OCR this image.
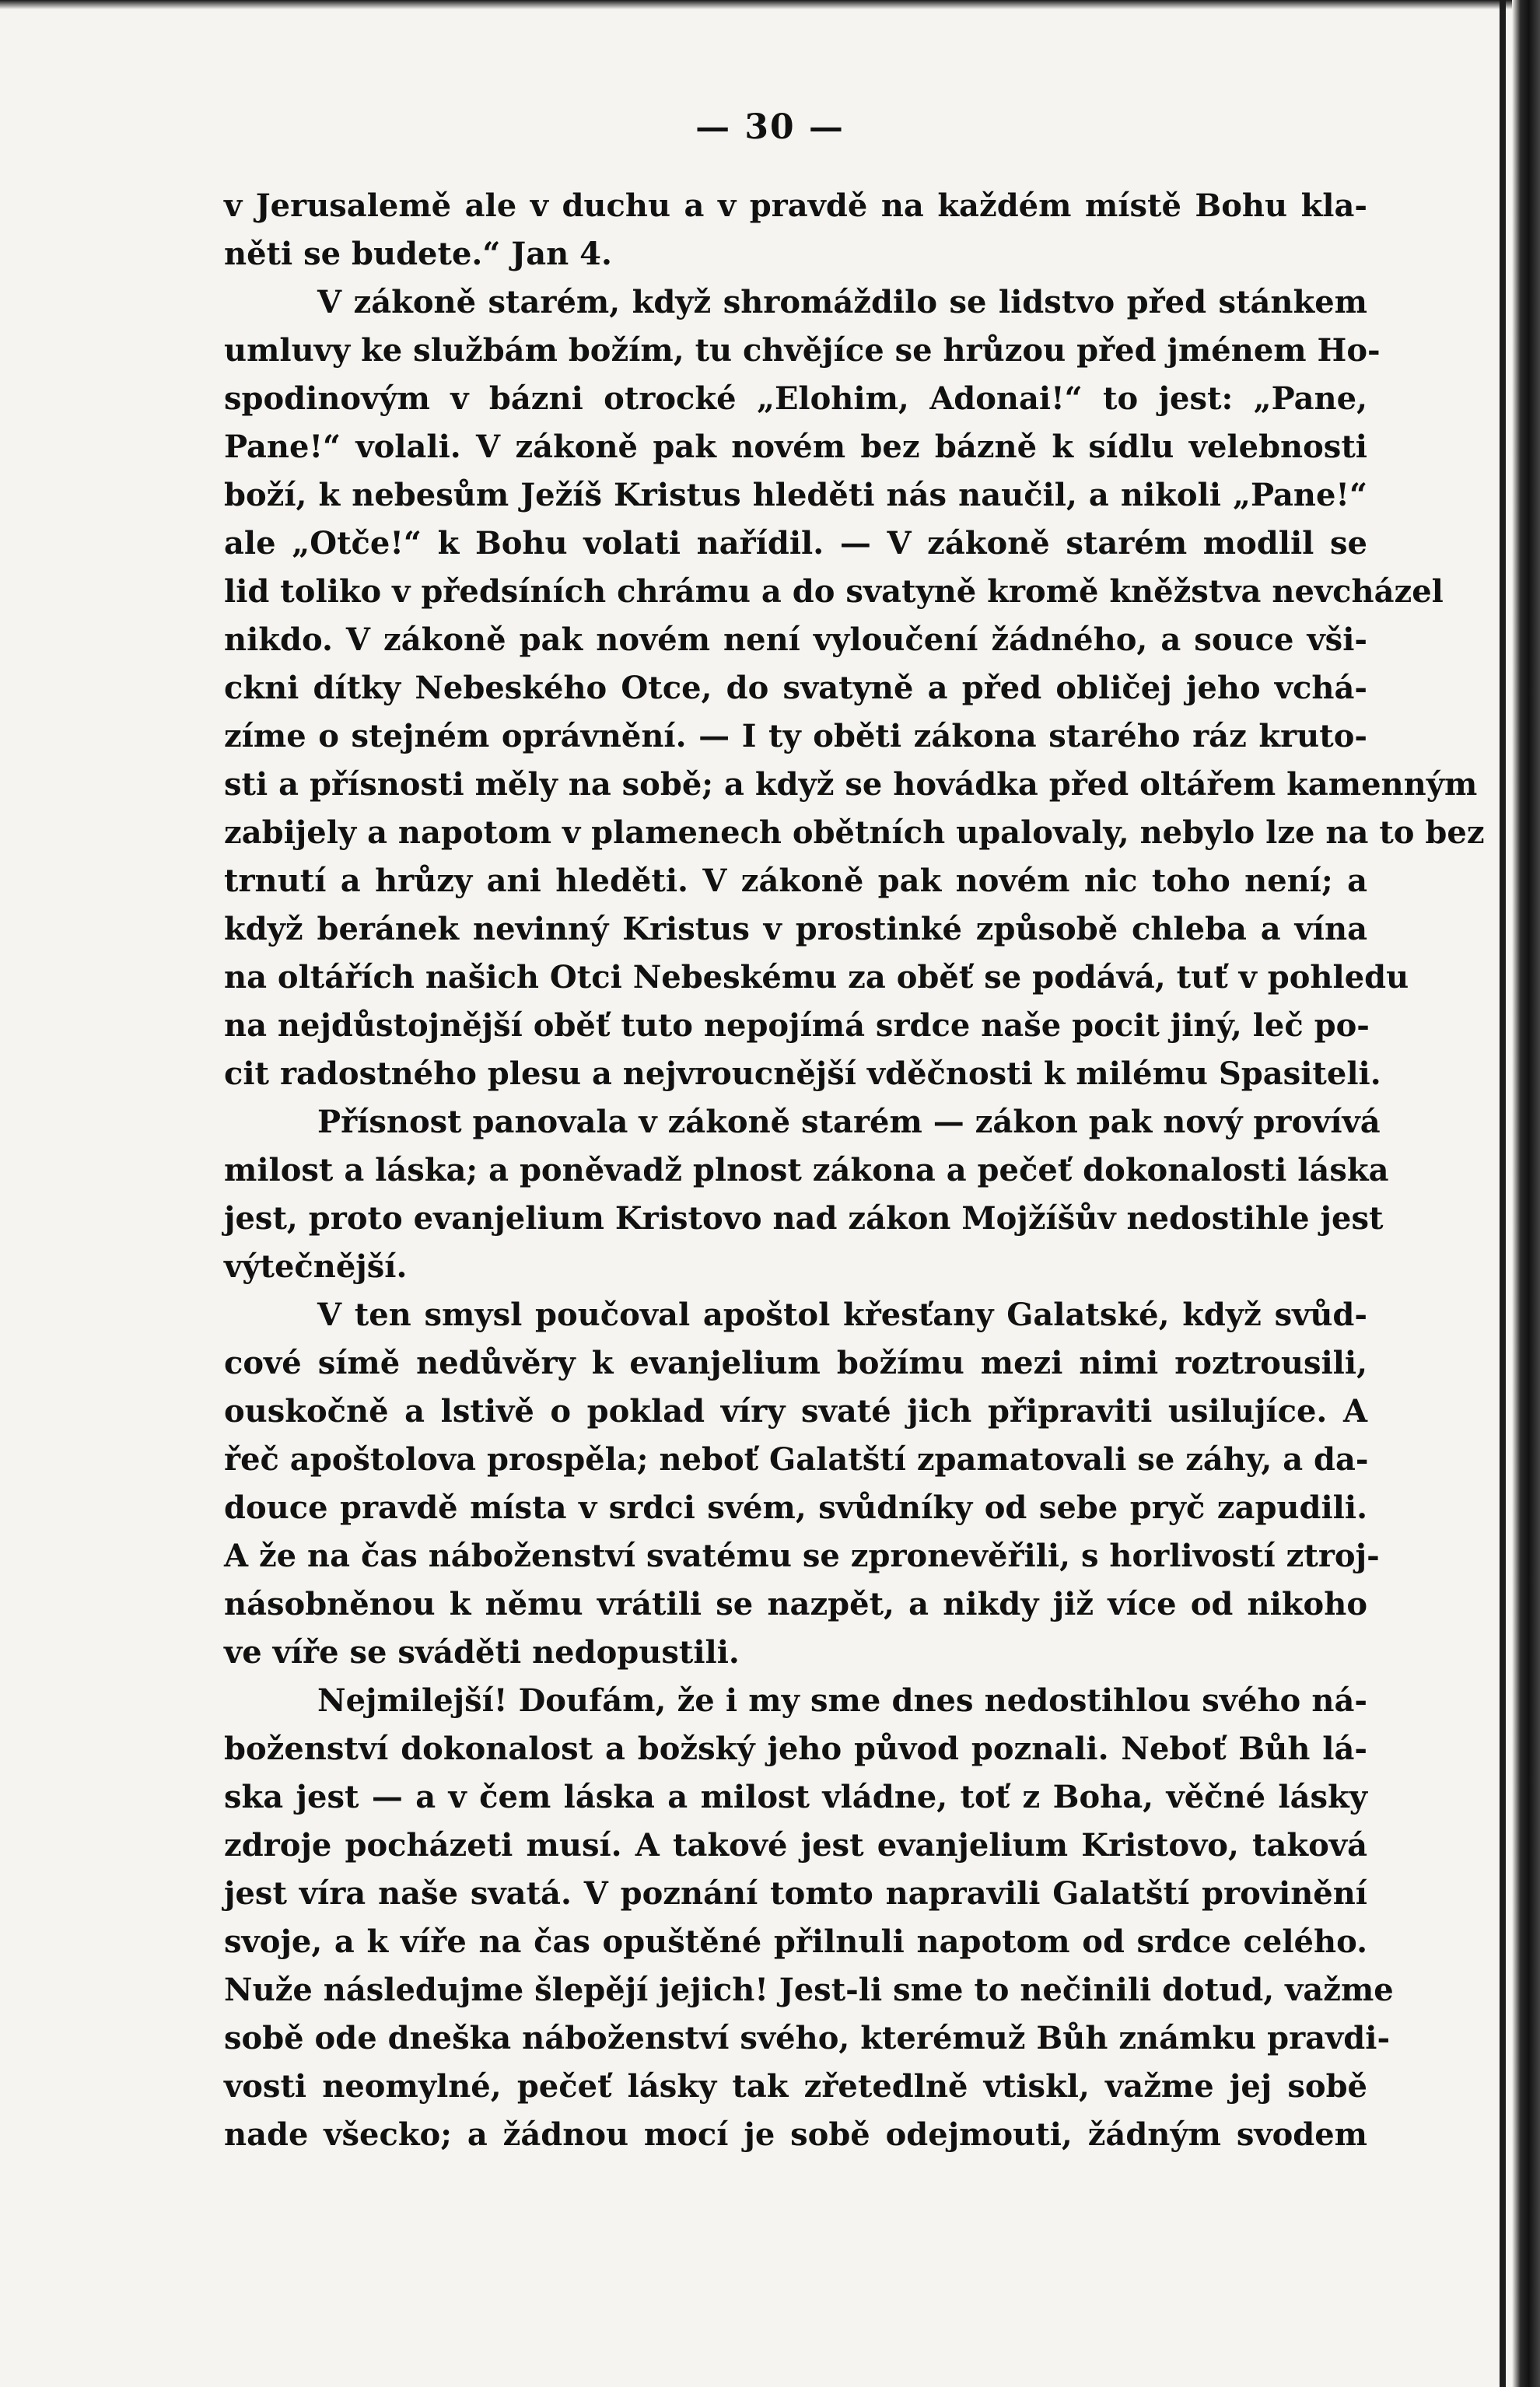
— 30 —
v Jerusalemě ale v duchu a v pravdě na každém místě Bohu kla-
něti se budete.“ Jan 4.
V zákoně starém, když shromáždilo se lidstvo před stánkem
umluvy ke službám božím, tu chvějíce se hrůzou před jménem Ho-
spodinovým v bázni otrocké „Elohim, Adonai!“ to jest: „Pane,
Pane!“ volali. V zákoně pak novém bez bázně k sídlu velebnosti
boží, k nebesům Ježíš Kristus hleděti nás naučil, a nikoli „Pane!“
ale „Otče!“ k Bohu volati nařídil. — V zákoně starém modlil se
lid toliko v předsíních chrámu a do svatyně kromě kněžstva nevcházel
nikdo. V zákoně pak novém není vyloučení žádného, a souce vši-
ckni dítky Nebeského Otce, do svatyně a před obličej jeho vchá-
zíme o stejném oprávnění. — I ty oběti zákona starého ráz kruto-
sti a přísnosti měly na sobě; a když se hovádka před oltářem kamenným
zabijely a napotom v plamenech obětních upalovaly, nebylo lze na to bez
trnutí a hrůzy ani hleděti. V zákoně pak novém nic toho není; a
když beránek nevinný Kristus v prostinké způsobě chleba a vína
na oltářích našich Otci Nebeskému za oběť se podává, tuť v pohledu
na nejdůstojnější oběť tuto nepojímá srdce naše pocit jiný, leč po-
cit radostného plesu a nejvroucnější vděčnosti k milému Spasiteli.
Přísnost panovala v zákoně starém — zákon pak nový provívá
milost a láska; a poněvadž plnost zákona a pečeť dokonalosti láska
jest, proto evanjelium Kristovo nad zákon Mojžíšův nedostihle jest
výtečnější.
V ten smysl poučoval apoštol křesťany Galatské, když svůd-
cové símě nedůvěry k evanjelium božímu mezi nimi roztrousili,
ouskočně a lstivě o poklad víry svaté jich připraviti usilujíce. A
řeč apoštolova prospěla; neboť Galatští zpamatovali se záhy, a da-
douce pravdě místa v srdci svém, svůdníky od sebe pryč zapudili.
A že na čas náboženství svatému se zpronevěřili, s horlivostí ztroj-
násobněnou k němu vrátili se nazpět, a nikdy již více od nikoho
ve víře se sváděti nedopustili.
Nejmilejší! Doufám, že i my sme dnes nedostihlou svého ná-
boženství dokonalost a božský jeho původ poznali. Neboť Bůh lá-
ska jest — a v čem láska a milost vládne, toť z Boha, věčné lásky
zdroje pocházeti musí. A takové jest evanjelium Kristovo, taková
jest víra naše svatá. V poznání tomto napravili Galatští provinění
svoje, a k víře na čas opuštěné přilnuli napotom od srdce celého.
Nuže následujme šlepějí jejich! Jest-li sme to nečinili dotud, važme
sobě ode dneška náboženství svého, kterémuž Bůh známku pravdi-
vosti neomylné, pečeť lásky tak zřetedlně vtiskl, važme jej sobě
nade všecko; a žádnou mocí je sobě odejmouti, žádným svodem
